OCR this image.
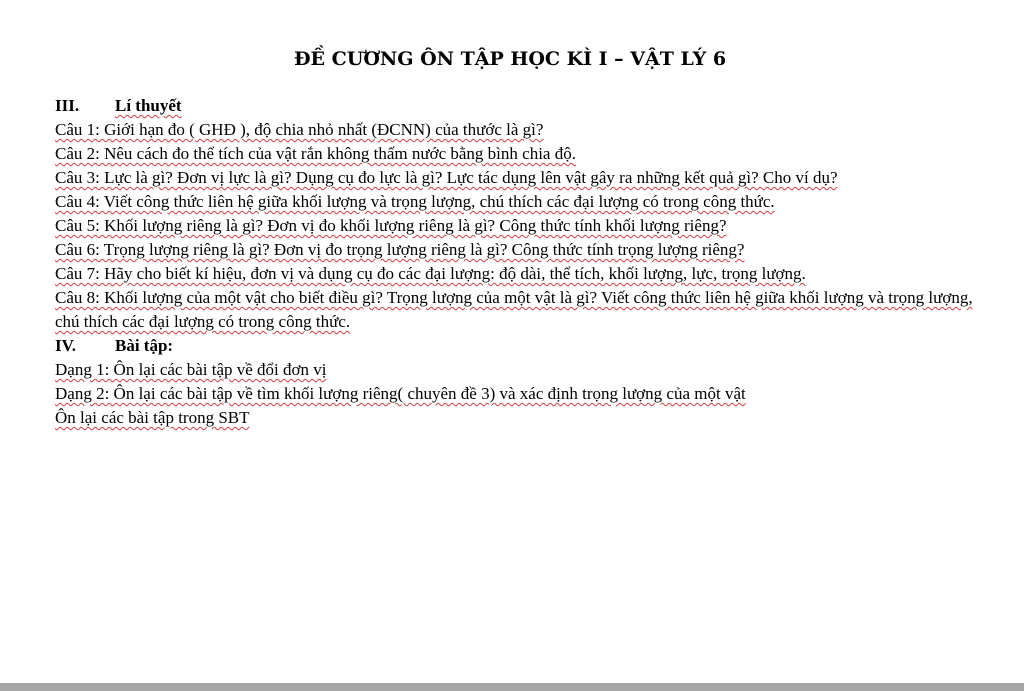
ĐỀ CƯƠNG ÔN TẬP HỌC KÌ I – VẬT LÝ 6
III.	Lí thuyết
Câu 1: Giới hạn đo ( GHĐ ), độ chia nhỏ nhất (ĐCNN) của thước là gì?
Câu 2: Nêu cách đo thể tích của vật rắn không thấm nước bằng bình chia độ.
Câu 3: Lực là gì? Đơn vị lực là gì? Dụng cụ đo lực là gì? Lực tác dụng lên vật gây ra những kết quả gì? Cho ví dụ?
Câu 4: Viết công thức liên hệ giữa khối lượng và trọng lượng, chú thích các đại lượng có trong công thức.
Câu 5: Khối lượng riêng là gì? Đơn vị đo khối lượng riêng là gì? Công thức tính khối lượng riêng?
Câu 6: Trọng lượng riêng là gì? Đơn vị đo trọng lượng riêng là gì? Công thức tính trọng lượng riêng?
Câu 7: Hãy cho biết kí hiệu, đơn vị và dụng cụ đo các đại lượng: độ dài, thể tích, khối lượng, lực, trọng lượng.
Câu 8: Khối lượng của một vật cho biết điều gì? Trọng lượng của một vật là gì? Viết công thức liên hệ giữa khối lượng và trọng lượng, chú thích các đại lượng có trong công thức.
IV.	Bài tập:
Dạng 1: Ôn lại các bài tập về đổi đơn vị
Dạng 2: Ôn lại các bài tập về tìm khối lượng riêng( chuyên đề 3) và xác định trọng lượng của một vật
Ôn lại các bài tập trong SBT
